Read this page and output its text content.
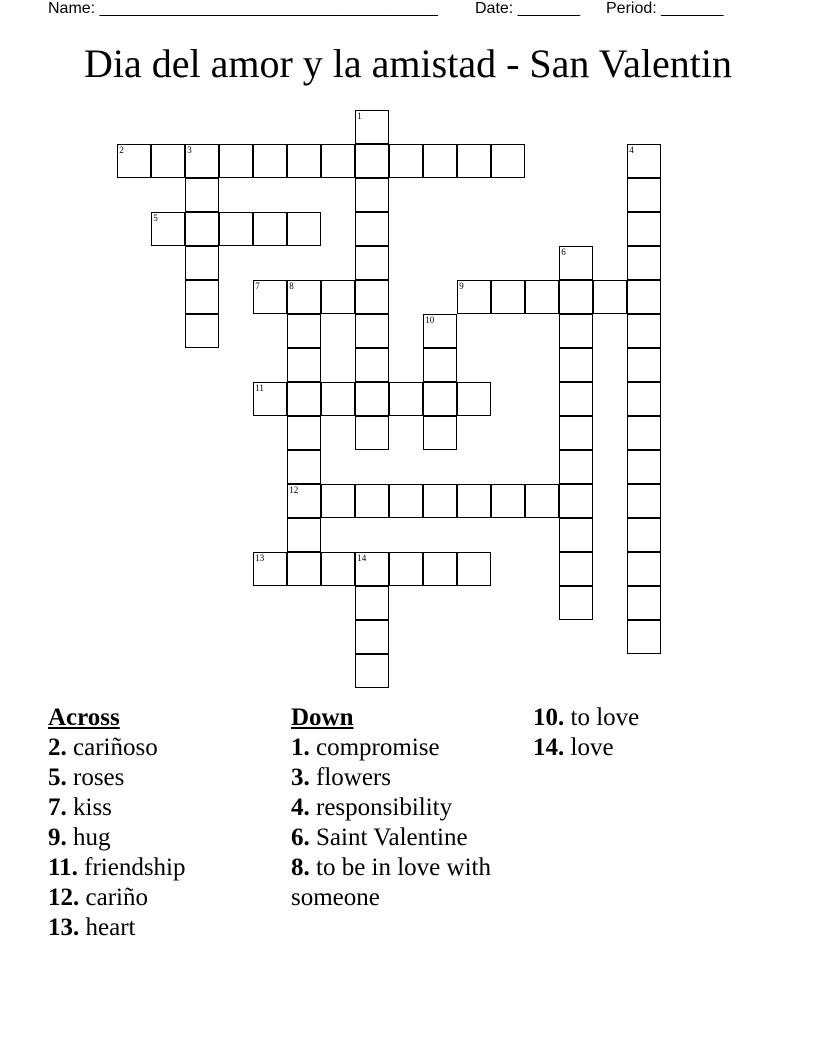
Name: ______________________________________ Date: _______ Period: _______
Dia del amor y la amistad - San Valentin
2	3
5
7	8	9
11
12
13	14
1
4
6
10
Across
2. cariñoso
5. roses
7. kiss
9. hug
11. friendship
12. cariño
13. heart
Down
1. compromise
3. flowers
4. responsibility
6. Saint Valentine
8. to be in love with someone
10. to love
14. love
